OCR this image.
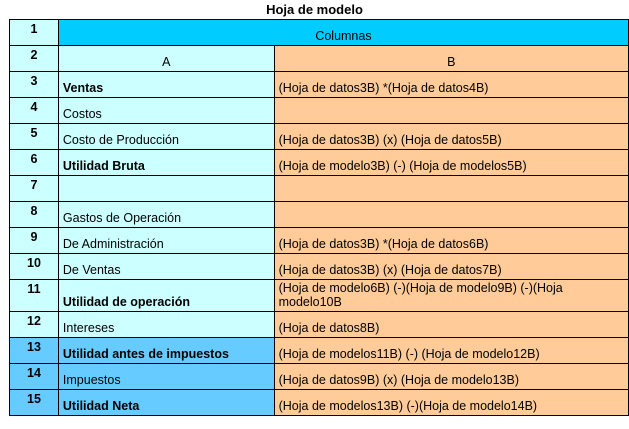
Hoja de modelo
1	Columnas	
2	A	B
3	Ventas	(Hoja de datos3B) *(Hoja de datos4B)
4	Costos	
5	Costo de Producción	(Hoja de datos3B) (x) (Hoja de datos5B)
6	Utilidad Bruta	(Hoja de modelo3B) (-) (Hoja de modelos5B)
7		
8	Gastos de Operación	
9	De Administración	(Hoja de datos3B) *(Hoja de datos6B)
10	De Ventas	(Hoja de datos3B) (x) (Hoja de datos7B)
11	Utilidad de operación	(Hoja de modelo6B) (-)(Hoja de modelo9B) (-)(Hoja modelo10B
12	Intereses	(Hoja de datos8B)
13	Utilidad antes de impuestos	(Hoja de modelos11B) (-) (Hoja de modelo12B)
14	Impuestos	(Hoja de datos9B) (x) (Hoja de modelo13B)
15	Utilidad Neta	(Hoja de modelos13B) (-)(Hoja de modelo14B)
